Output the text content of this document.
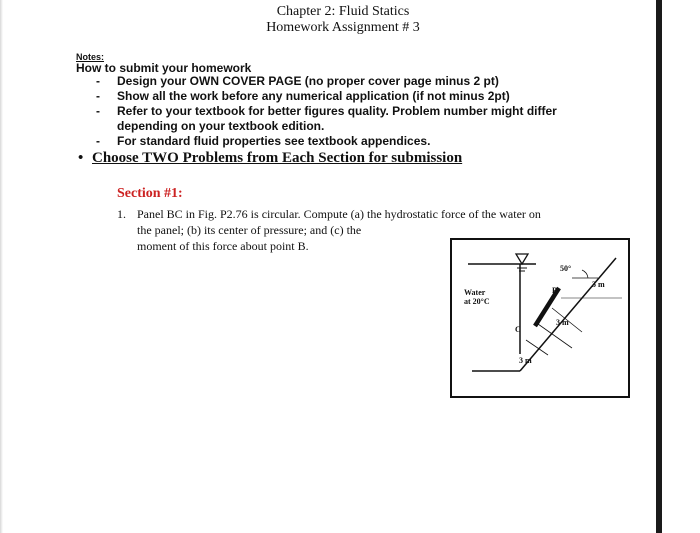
Chapter 2: Fluid Statics
Homework Assignment # 3
Notes:
How to submit your homework
- Design your OWN COVER PAGE (no proper cover page minus 2 pt)
- Show all the work before any numerical application (if not minus 2pt)
- Refer to your textbook for better figures quality. Problem number might differ
depending on your textbook edition.
- For standard fluid properties see textbook appendices.
• Choose TWO Problems from Each Section for submission
Section #1:
1. Panel BC in Fig. P2.76 is circular. Compute (a) the hydrostatic force of the water on
the panel; (b) its center of pressure; and (c) the
moment of this force about point B.
Water
at 20°C
50°
3 m
3 m
3 m
B
C
